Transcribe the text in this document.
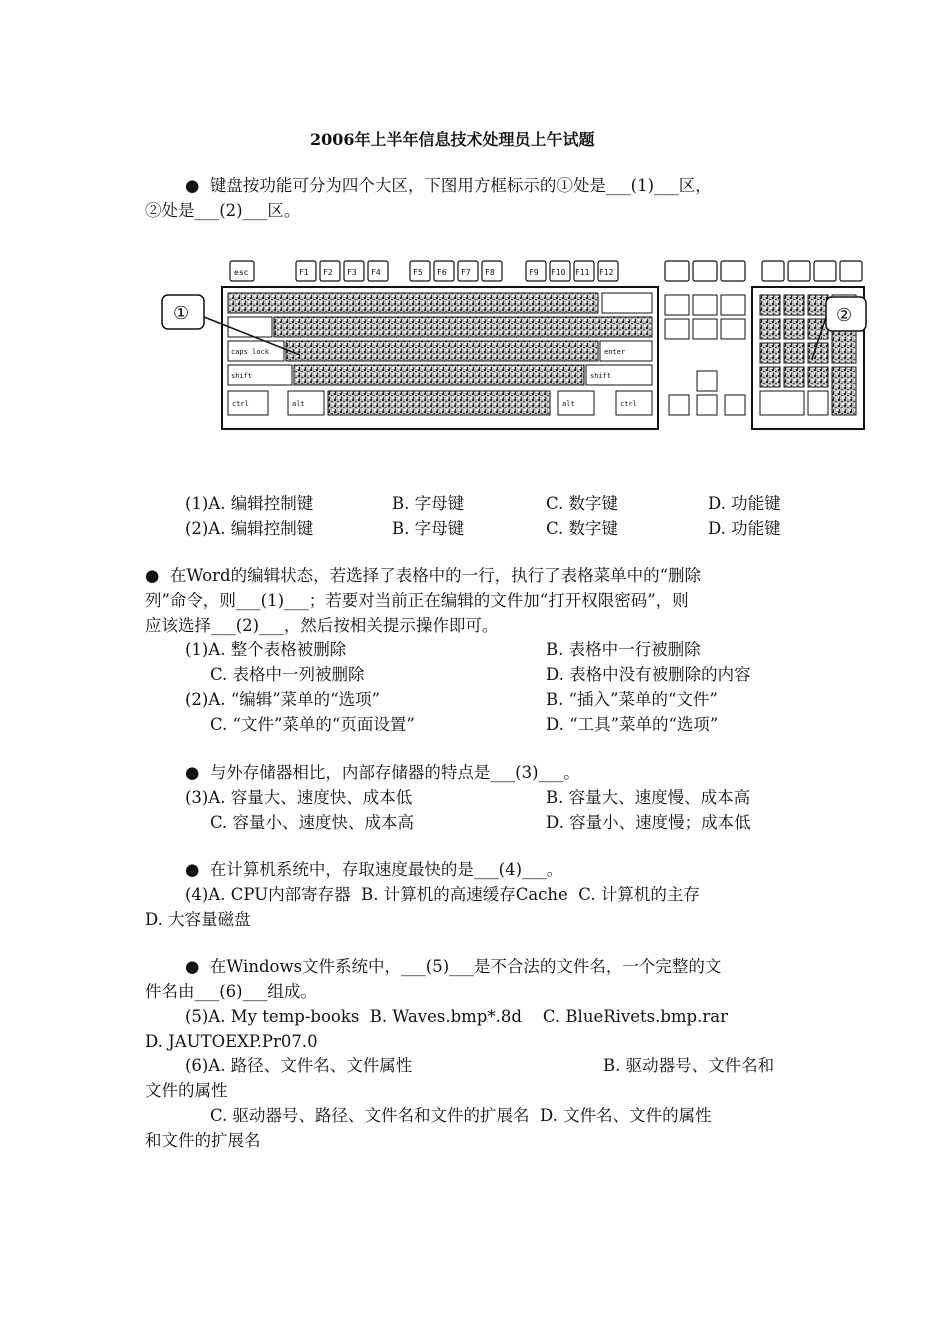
2006年上半年信息技术处理员上午试题
●  键盘按功能可分为四个大区，下图用方框标示的①处是___(1)___区，
②处是___(2)___区。
esc	F1 F2 F3 F4	F5 F6 F7 F8	F9 F10 F11 F12
caps lock	enter
shift	shift
ctrl	alt	alt	ctrl
①	②
(1)A. 编辑控制键	B. 字母键	C. 数字键	D. 功能键
(2)A. 编辑控制键	B. 字母键	C. 数字键	D. 功能键
●  在Word的编辑状态，若选择了表格中的一行，执行了表格菜单中的“删除
列”命令，则___(1)___；若要对当前正在编辑的文件加“打开权限密码”，则
应该选择___(2)___，然后按相关提示操作即可。
(1)A. 整个表格被删除	B. 表格中一行被删除
C. 表格中一列被删除	D. 表格中没有被删除的内容
(2)A. “编辑”菜单的“选项”	B. “插入”菜单的“文件”
C. “文件”菜单的“页面设置”	D. “工具”菜单的“选项”
●  与外存储器相比，内部存储器的特点是___(3)___。
(3)A. 容量大、速度快、成本低	B. 容量大、速度慢、成本高
C. 容量小、速度快、成本高	D. 容量小、速度慢；成本低
●  在计算机系统中，存取速度最快的是___(4)___。
(4)A. CPU内部寄存器  B. 计算机的高速缓存Cache  C. 计算机的主存
D. 大容量磁盘
●  在Windows文件系统中，___(5)___是不合法的文件名，一个完整的文
件名由___(6)___组成。
(5)A. My temp-books  B. Waves.bmp*.8d    C. BlueRivets.bmp.rar
D. JAUTOEXP.Pr07.0
(6)A. 路径、文件名、文件属性	B. 驱动器号、文件名和
文件的属性
C. 驱动器号、路径、文件名和文件的扩展名  D. 文件名、文件的属性
和文件的扩展名
